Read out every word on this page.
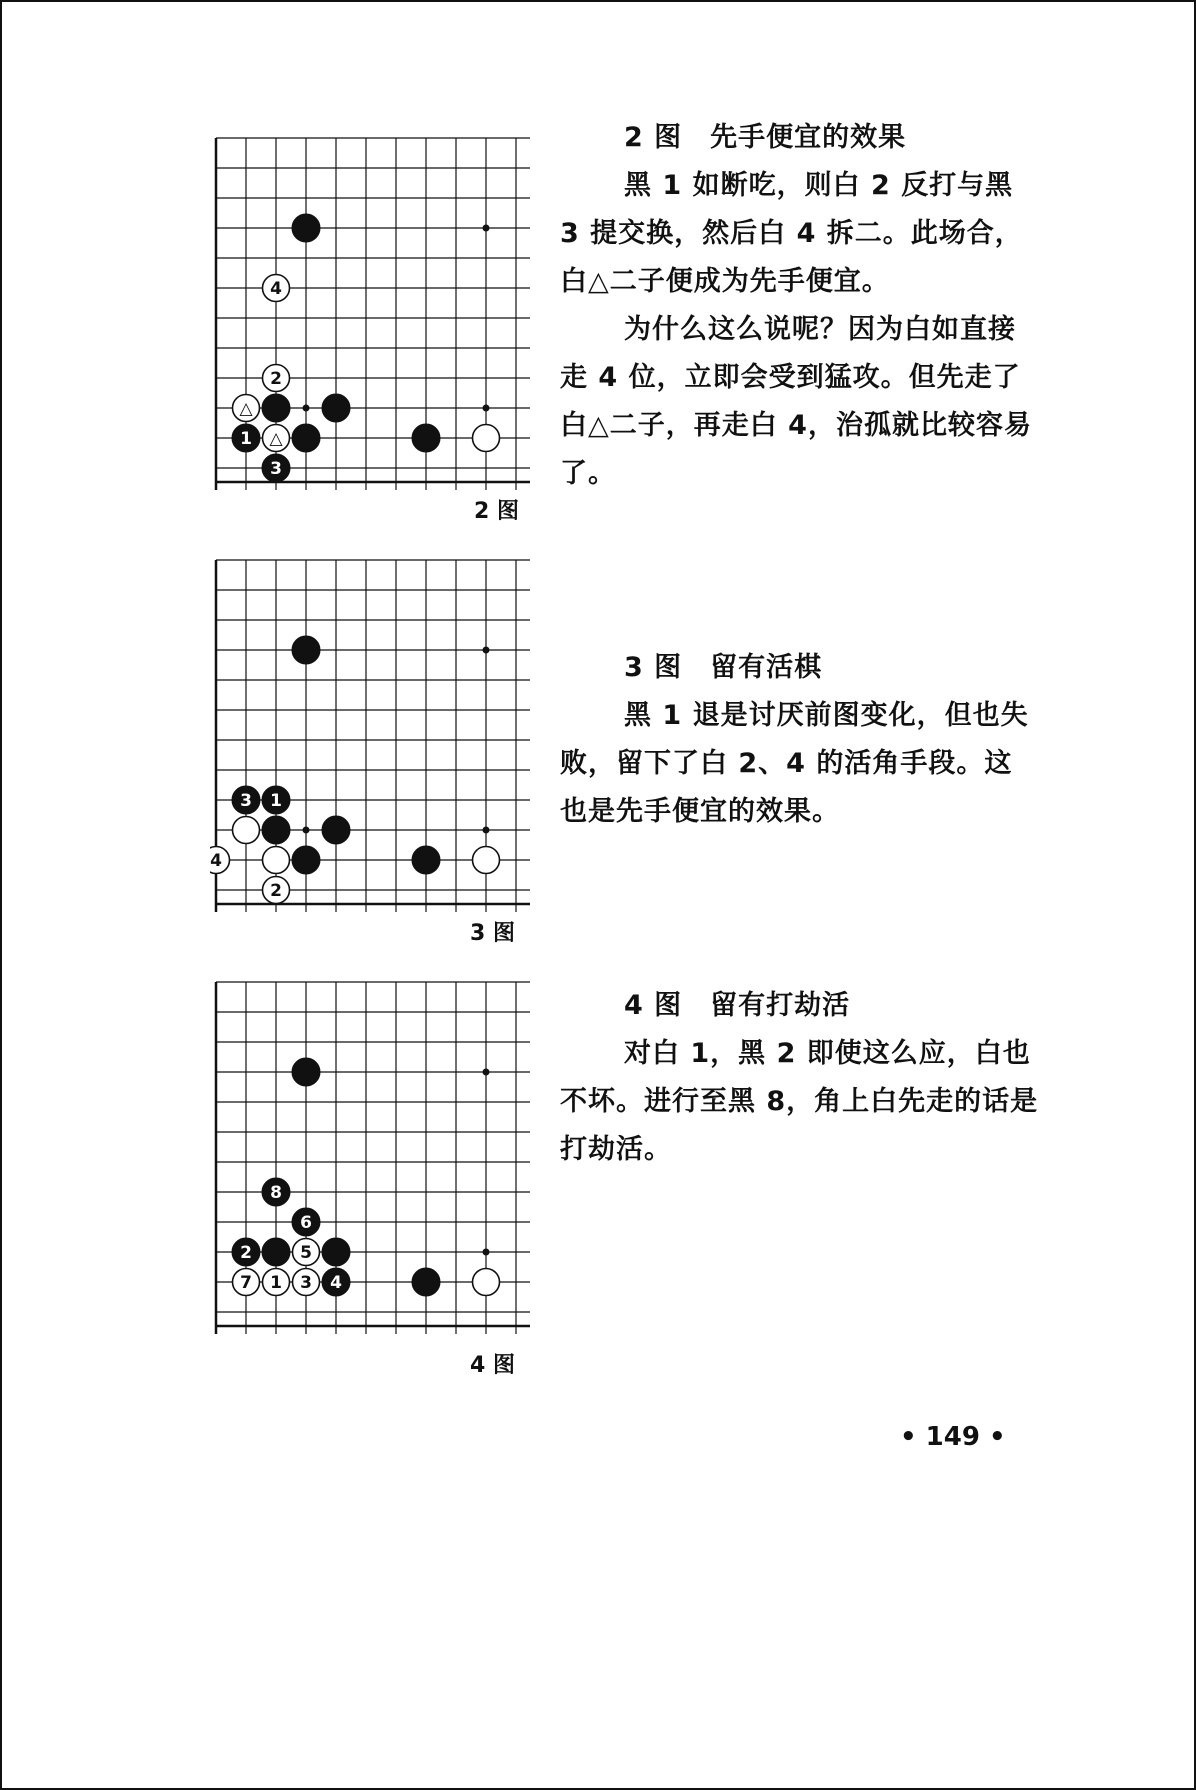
4
2
△
1 △
3
2 图

2 图　先手便宜的效果

黑 1 如断吃，则白 2 反打与黑 3 提交换，然后白 4 拆二。此场合，白△二子便成为先手便宜。

为什么这么说呢？因为白如直接走 4 位，立即会受到猛攻。但先走了白△二子，再走白 4，治孤就比较容易了。

3 1
4
2
3 图

3 图　留有活棋

黑 1 退是讨厌前图变化，但也失败，留下了白 2、4 的活角手段。这也是先手便宜的效果。

8
6
2	5
7 1 3 4
4 图

4 图　留有打劫活

对白 1，黑 2 即使这么应，白也不坏。进行至黑 8，角上白先走的话是打劫活。

• 149 •
